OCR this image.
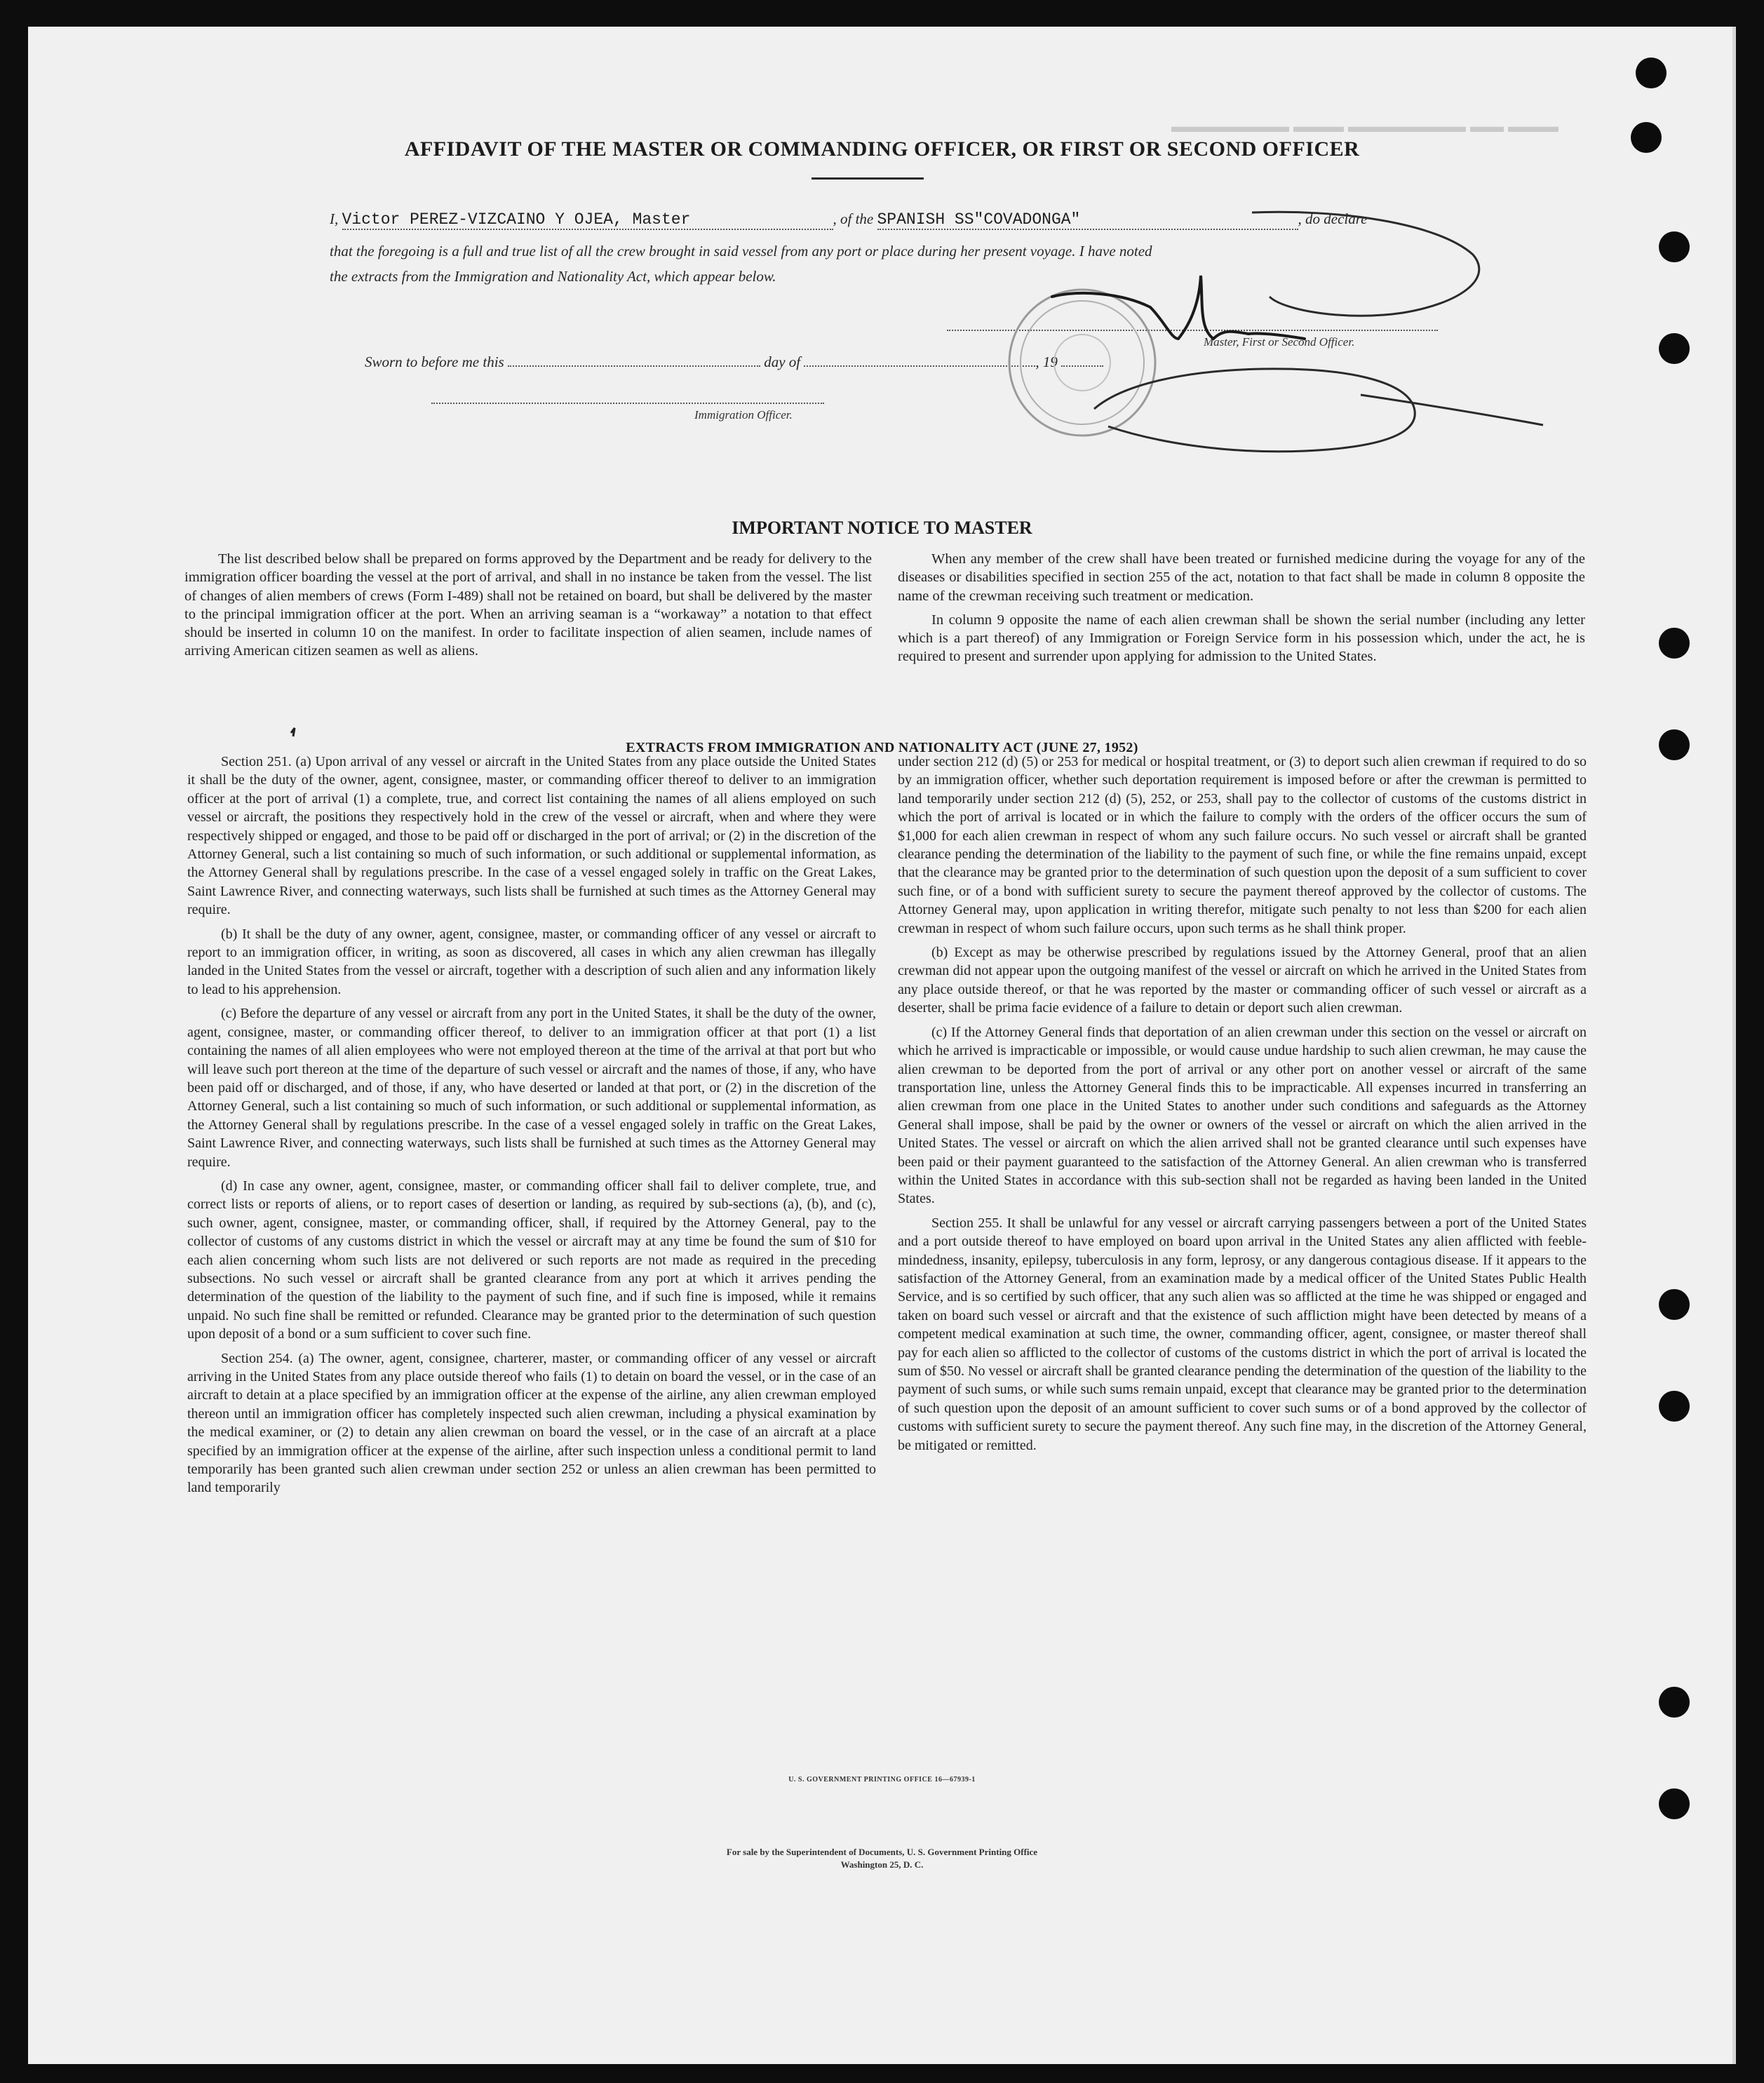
▬▬▬ ▬▬ ▬▬▬▬▬▬▬ ▬▬▬ ▬▬▬▬▬▬▬
AFFIDAVIT OF THE MASTER OR COMMANDING OFFICER, OR FIRST OR SECOND OFFICER
I, Victor PEREZ-VIZCAINO Y OJEA, Master	, of the SPANISH SS"COVADONGA"	, do declare
that the foregoing is a full and true list of all the crew brought in said vessel from any port or place during her present voyage. I have noted
the extracts from the Immigration and Nationality Act, which appear below.
Master, First or Second Officer.
Sworn to before me this	day of	, 19
Immigration Officer.
IMPORTANT NOTICE TO MASTER

The list described below shall be prepared on forms approved by the Department and be ready for delivery to the immigration officer boarding the vessel at the port of arrival, and shall in no instance be taken from the vessel. The list of changes of alien members of crews (Form I-489) shall not be retained on board, but shall be delivered by the master to the principal immigration officer at the port. When an arriving seaman is a “workaway” a notation to that effect should be inserted in column 10 on the manifest. In order to facilitate inspection of alien seamen, include names of arriving American citizen seamen as well as aliens.

When any member of the crew shall have been treated or furnished medicine during the voyage for any of the diseases or disabilities specified in section 255 of the act, notation to that fact shall be made in column 8 opposite the name of the crewman receiving such treatment or medication.

In column 9 opposite the name of each alien crewman shall be shown the serial number (including any letter which is a part thereof) of any Immigration or Foreign Service form in his possession which, under the act, he is required to present and surrender upon applying for admission to the United States.

EXTRACTS FROM IMMIGRATION AND NATIONALITY ACT (JUNE 27, 1952)

Section 251. (a) Upon arrival of any vessel or aircraft in the United States from any place outside the United States it shall be the duty of the owner, agent, consignee, master, or commanding officer thereof to deliver to an immigration officer at the port of arrival (1) a complete, true, and correct list containing the names of all aliens employed on such vessel or aircraft, the positions they respectively hold in the crew of the vessel or aircraft, when and where they were respectively shipped or engaged, and those to be paid off or discharged in the port of arrival; or (2) in the discretion of the Attorney General, such a list containing so much of such information, or such additional or supplemental information, as the Attorney General shall by regulations prescribe. In the case of a vessel engaged solely in traffic on the Great Lakes, Saint Lawrence River, and connecting waterways, such lists shall be furnished at such times as the Attorney General may require.

(b) It shall be the duty of any owner, agent, consignee, master, or commanding officer of any vessel or aircraft to report to an immigration officer, in writing, as soon as discovered, all cases in which any alien crewman has illegally landed in the United States from the vessel or aircraft, together with a description of such alien and any information likely to lead to his apprehension.

(c) Before the departure of any vessel or aircraft from any port in the United States, it shall be the duty of the owner, agent, consignee, master, or commanding officer thereof, to deliver to an immigration officer at that port (1) a list containing the names of all alien employees who were not employed thereon at the time of the arrival at that port but who will leave such port thereon at the time of the departure of such vessel or aircraft and the names of those, if any, who have been paid off or discharged, and of those, if any, who have deserted or landed at that port, or (2) in the discretion of the Attorney General, such a list containing so much of such information, or such additional or supplemental information, as the Attorney General shall by regulations prescribe. In the case of a vessel engaged solely in traffic on the Great Lakes, Saint Lawrence River, and connecting waterways, such lists shall be furnished at such times as the Attorney General may require.

(d) In case any owner, agent, consignee, master, or commanding officer shall fail to deliver complete, true, and correct lists or reports of aliens, or to report cases of desertion or landing, as required by sub-sections (a), (b), and (c), such owner, agent, consignee, master, or commanding officer, shall, if required by the Attorney General, pay to the collector of customs of any customs district in which the vessel or aircraft may at any time be found the sum of $10 for each alien concerning whom such lists are not delivered or such reports are not made as required in the preceding subsections. No such vessel or aircraft shall be granted clearance from any port at which it arrives pending the determination of the question of the liability to the payment of such fine, and if such fine is imposed, while it remains unpaid. No such fine shall be remitted or refunded. Clearance may be granted prior to the determination of such question upon deposit of a bond or a sum sufficient to cover such fine.

Section 254. (a) The owner, agent, consignee, charterer, master, or commanding officer of any vessel or aircraft arriving in the United States from any place outside thereof who fails (1) to detain on board the vessel, or in the case of an aircraft to detain at a place specified by an immigration officer at the expense of the airline, any alien crewman employed thereon until an immigration officer has completely inspected such alien crewman, including a physical examination by the medical examiner, or (2) to detain any alien crewman on board the vessel, or in the case of an aircraft at a place specified by an immigration officer at the expense of the airline, after such inspection unless a conditional permit to land temporarily has been granted such alien crewman under section 252 or unless an alien crewman has been permitted to land temporarily

under section 212 (d) (5) or 253 for medical or hospital treatment, or (3) to deport such alien crewman if required to do so by an immigration officer, whether such deportation requirement is imposed before or after the crewman is permitted to land temporarily under section 212 (d) (5), 252, or 253, shall pay to the collector of customs of the customs district in which the port of arrival is located or in which the failure to comply with the orders of the officer occurs the sum of $1,000 for each alien crewman in respect of whom any such failure occurs. No such vessel or aircraft shall be granted clearance pending the determination of the liability to the payment of such fine, or while the fine remains unpaid, except that the clearance may be granted prior to the determination of such question upon the deposit of a sum sufficient to cover such fine, or of a bond with sufficient surety to secure the payment thereof approved by the collector of customs. The Attorney General may, upon application in writing therefor, mitigate such penalty to not less than $200 for each alien crewman in respect of whom such failure occurs, upon such terms as he shall think proper.

(b) Except as may be otherwise prescribed by regulations issued by the Attorney General, proof that an alien crewman did not appear upon the outgoing manifest of the vessel or aircraft on which he arrived in the United States from any place outside thereof, or that he was reported by the master or commanding officer of such vessel or aircraft as a deserter, shall be prima facie evidence of a failure to detain or deport such alien crewman.

(c) If the Attorney General finds that deportation of an alien crewman under this section on the vessel or aircraft on which he arrived is impracticable or impossible, or would cause undue hardship to such alien crewman, he may cause the alien crewman to be deported from the port of arrival or any other port on another vessel or aircraft of the same transportation line, unless the Attorney General finds this to be impracticable. All expenses incurred in transferring an alien crewman from one place in the United States to another under such conditions and safeguards as the Attorney General shall impose, shall be paid by the owner or owners of the vessel or aircraft on which the alien arrived in the United States. The vessel or aircraft on which the alien arrived shall not be granted clearance until such expenses have been paid or their payment guaranteed to the satisfaction of the Attorney General. An alien crewman who is transferred within the United States in accordance with this sub-section shall not be regarded as having been landed in the United States.

Section 255. It shall be unlawful for any vessel or aircraft carrying passengers between a port of the United States and a port outside thereof to have employed on board upon arrival in the United States any alien afflicted with feeble-mindedness, insanity, epilepsy, tuberculosis in any form, leprosy, or any dangerous contagious disease. If it appears to the satisfaction of the Attorney General, from an examination made by a medical officer of the United States Public Health Service, and is so certified by such officer, that any such alien was so afflicted at the time he was shipped or engaged and taken on board such vessel or aircraft and that the existence of such affliction might have been detected by means of a competent medical examination at such time, the owner, commanding officer, agent, consignee, or master thereof shall pay for each alien so afflicted to the collector of customs of the customs district in which the port of arrival is located the sum of $50. No vessel or aircraft shall be granted clearance pending the determination of the question of the liability to the payment of such sums, or while such sums remain unpaid, except that clearance may be granted prior to the determination of such question upon the deposit of an amount sufficient to cover such sums or of a bond approved by the collector of customs with sufficient surety to secure the payment thereof. Any such fine may, in the discretion of the Attorney General, be mitigated or remitted.

U. S. GOVERNMENT PRINTING OFFICE 16—67939-1
For sale by the Superintendent of Documents, U. S. Government Printing Office
Washington 25, D. C.
